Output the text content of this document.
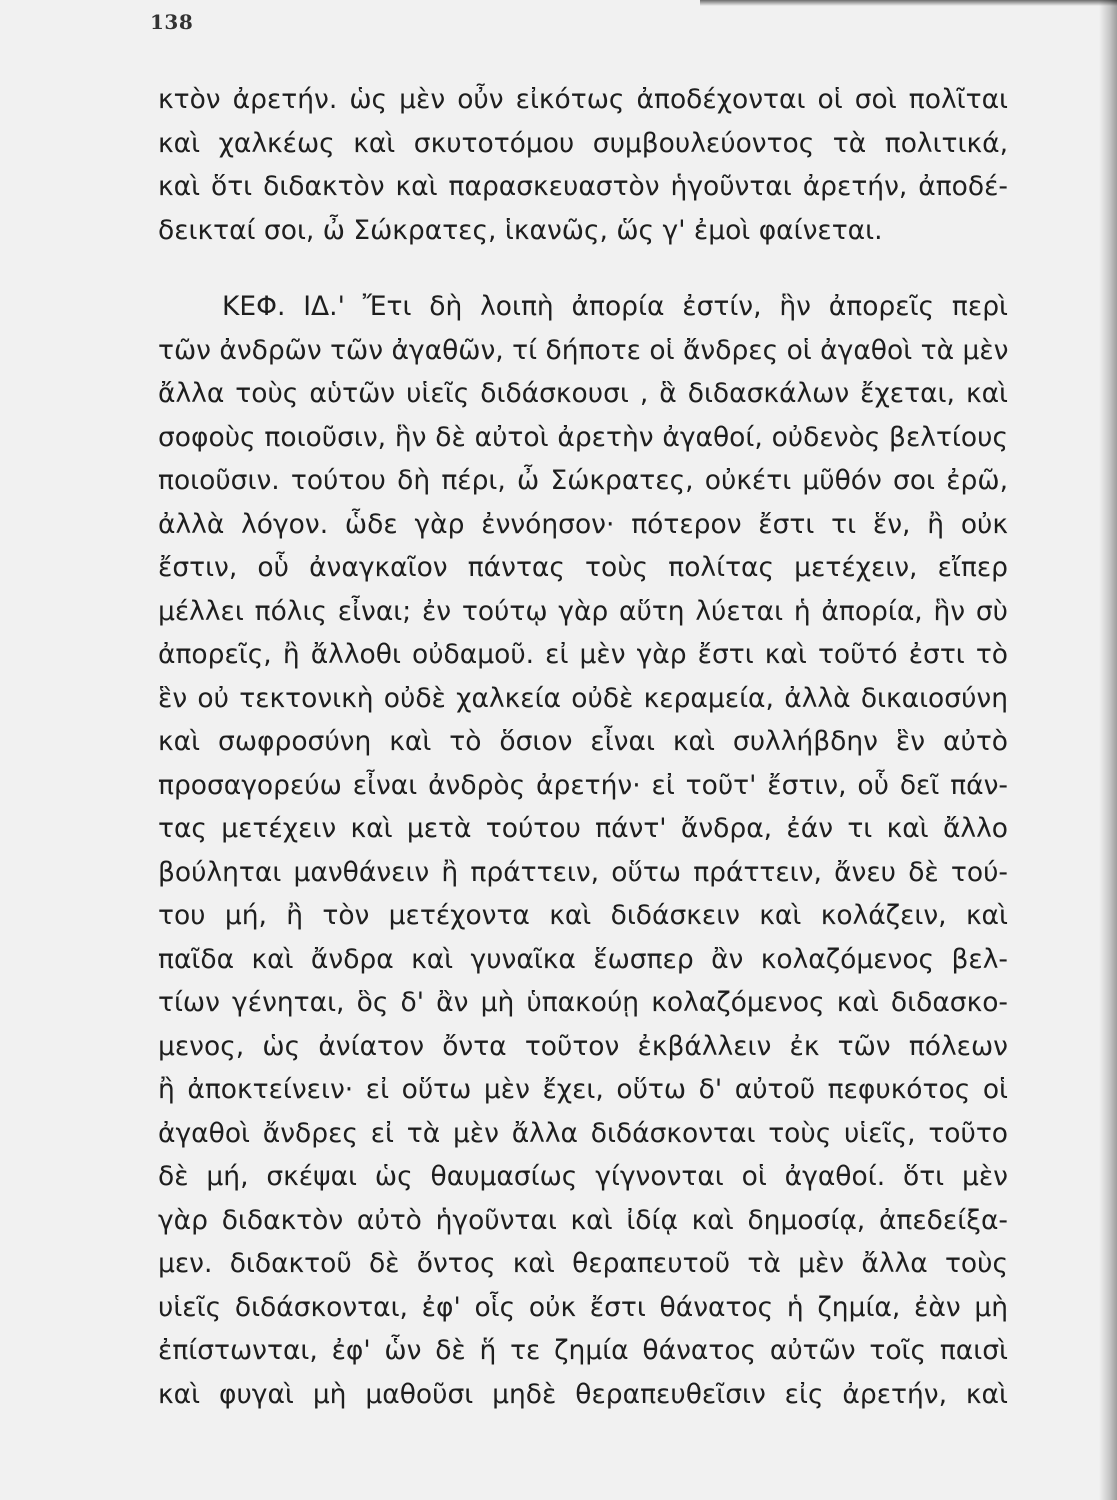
138
κτὸν ἀρετήν. ὡς μὲν οὖν εἰκότως ἀποδέχονται οἱ σοὶ πολῖται
καὶ χαλκέως καὶ σκυτοτόμου συμβουλεύοντος τὰ πολιτικά,
καὶ ὅτι διδακτὸν καὶ παρασκευαστὸν ἡγοῦνται ἀρετήν, ἀποδέ-
δεικταί σοι, ὦ Σώκρατες, ἱκανῶς, ὥς γ' ἐμοὶ φαίνεται.
ΚΕΦ. ΙΔ.' Ἔτι δὴ λοιπὴ ἀπορία ἐστίν, ἣν ἀπορεῖς περὶ
τῶν ἀνδρῶν τῶν ἀγαθῶν, τί δήποτε οἱ ἄνδρες οἱ ἀγαθοὶ τὰ μὲν
ἄλλα τοὺς αὑτῶν υἱεῖς διδάσκουσι , ἃ διδασκάλων ἔχεται, καὶ
σοφοὺς ποιοῦσιν, ἣν δὲ αὐτοὶ ἀρετὴν ἀγαθοί, οὐδενὸς βελτίους
ποιοῦσιν. τούτου δὴ πέρι, ὦ Σώκρατες, οὐκέτι μῦθόν σοι ἐρῶ,
ἀλλὰ λόγον. ὧδε γὰρ ἐννόησον· πότερον ἔστι τι ἕν, ἢ οὐκ
ἔστιν, οὗ ἀναγκαῖον πάντας τοὺς πολίτας μετέχειν, εἴπερ
μέλλει πόλις εἶναι; ἐν τούτῳ γὰρ αὕτη λύεται ἡ ἀπορία, ἣν σὺ
ἀπορεῖς, ἢ ἄλλοθι οὐδαμοῦ. εἰ μὲν γὰρ ἔστι καὶ τοῦτό ἐστι τὸ
ἓν οὐ τεκτονικὴ οὐδὲ χαλκεία οὐδὲ κεραμεία, ἀλλὰ δικαιοσύνη
καὶ σωφροσύνη καὶ τὸ ὅσιον εἶναι καὶ συλλήβδην ἓν αὐτὸ
προσαγορεύω εἶναι ἀνδρὸς ἀρετήν· εἰ τοῦτ' ἔστιν, οὗ δεῖ πάν-
τας μετέχειν καὶ μετὰ τούτου πάντ' ἄνδρα, ἐάν τι καὶ ἄλλο
βούληται μανθάνειν ἢ πράττειν, οὕτω πράττειν, ἄνευ δὲ τού-
του μή, ἢ τὸν μετέχοντα καὶ διδάσκειν καὶ κολάζειν, καὶ
παῖδα καὶ ἄνδρα καὶ γυναῖκα ἕωσπερ ἂν κολαζόμενος βελ-
τίων γένηται, ὃς δ' ἂν μὴ ὑπακούῃ κολαζόμενος καὶ διδασκο-
μενος, ὡς ἀνίατον ὄντα τοῦτον ἐκβάλλειν ἐκ τῶν πόλεων
ἢ ἀποκτείνειν· εἰ οὕτω μὲν ἔχει, οὕτω δ' αὐτοῦ πεφυκότος οἱ
ἀγαθοὶ ἄνδρες εἰ τὰ μὲν ἄλλα διδάσκονται τοὺς υἱεῖς, τοῦτο
δὲ μή, σκέψαι ὡς θαυμασίως γίγνονται οἱ ἀγαθοί. ὅτι μὲν
γὰρ διδακτὸν αὐτὸ ἡγοῦνται καὶ ἰδίᾳ καὶ δημοσίᾳ, ἀπεδείξα-
μεν. διδακτοῦ δὲ ὄντος καὶ θεραπευτοῦ τὰ μὲν ἄλλα τοὺς
υἱεῖς διδάσκονται, ἐφ' οἷς οὐκ ἔστι θάνατος ἡ ζημία, ἐὰν μὴ
ἐπίστωνται, ἐφ' ὧν δὲ ἥ τε ζημία θάνατος αὐτῶν τοῖς παισὶ
καὶ φυγαὶ μὴ μαθοῦσι μηδὲ θεραπευθεῖσιν εἰς ἀρετήν, καὶ
